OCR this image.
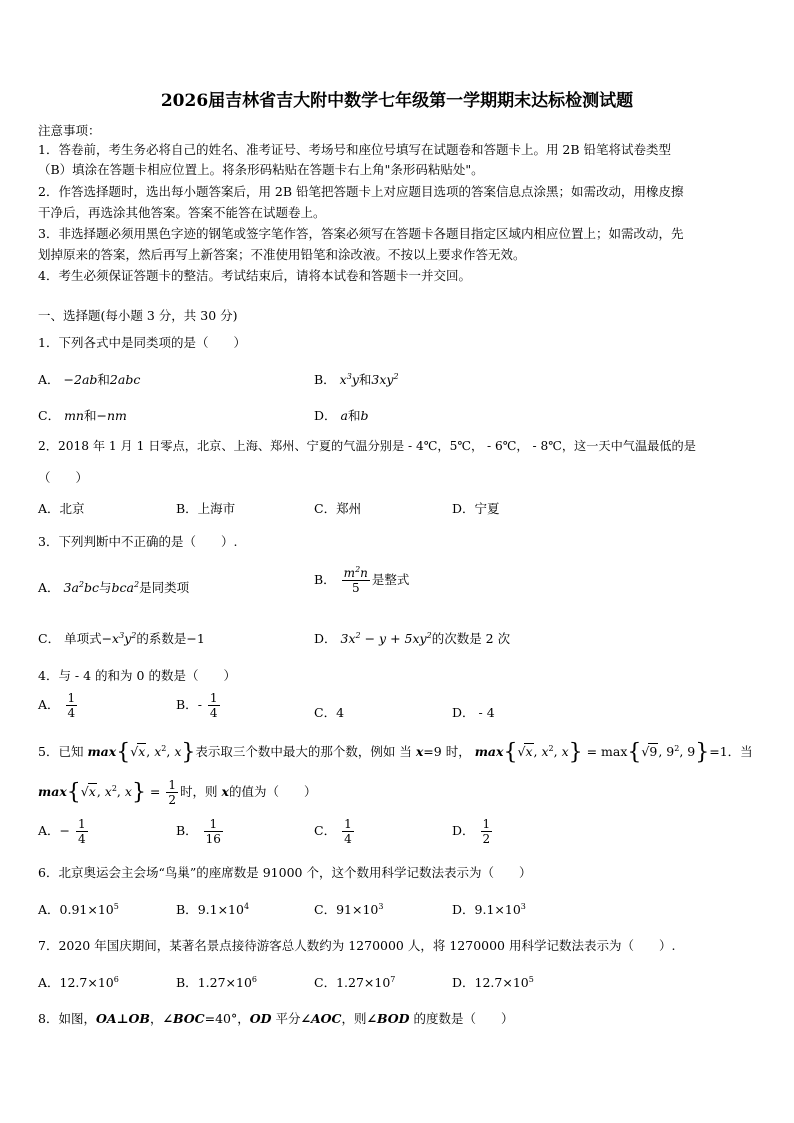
2026届吉林省吉大附中数学七年级第一学期期末达标检测试题
注意事项：
1．答卷前，考生务必将自己的姓名、准考证号、考场号和座位号填写在试题卷和答题卡上。用 2B 铅笔将试卷类型
（B）填涂在答题卡相应位置上。将条形码粘贴在答题卡右上角"条形码粘贴处"。
2．作答选择题时，选出每小题答案后，用 2B 铅笔把答题卡上对应题目选项的答案信息点涂黑；如需改动，用橡皮擦
干净后，再选涂其他答案。答案不能答在试题卷上。
3．非选择题必须用黑色字迹的钢笔或签字笔作答，答案必须写在答题卡各题目指定区域内相应位置上；如需改动，先
划掉原来的答案，然后再写上新答案；不准使用铅笔和涂改液。不按以上要求作答无效。
4．考生必须保证答题卡的整洁。考试结束后，请将本试卷和答题卡一并交回。
一、选择题(每小题 3 分，共 30 分)
1．下列各式中是同类项的是（　　）
A． −2ab和2abc	B． $x^3y$和$3xy^2$
C． mn和−nm	D． a和b
2．2018 年 1 月 1 日零点，北京、上海、郑州、宁夏的气温分别是 - 4℃，5℃， - 6℃， - 8℃，这一天中气温最低的是
（　　）
A．北京	B．上海市	C．郑州	D．宁夏
3．下列判断中不正确的是（　　）.
A． $3a^2bc$与bca$^2$是同类项
B． $\frac{m^2n}{5}$ 是整式
C． 单项式$-x^3y^2$的系数是−1	D． $3x^2 - y + 5xy^2$的次数是 2 次
4．与 - 4 的和为 0 的数是（　　）
A． $\frac{1}{4}$	B．- $\frac{1}{4}$	C．4	D． - 4
5．已知 max{√x, $x^2$, x}表示取三个数中最大的那个数，例如 当 x=9 时， max{√x, $x^2$, x} = max{√9, $9^2$, 9}=1．当
max{√x, $x^2$, $x\} = \frac{1}{2}$ 时，则 x的值为（　　）
A．− $\frac{1}{4}$	B． $\frac{1}{16}$	C． $\frac{1}{4}$	D． $\frac{1}{2}$
6．北京奥运会主会场“鸟巢”的座席数是 91000 个，这个数用科学记数法表示为（　　）
A．$0.91\times 10^5$	B．$9.1\times 10^4$	C．$91\times 10^3$	D．$9.1\times 10^3$
7．2020 年国庆期间，某著名景点接待游客总人数约为 1270000 人，将 1270000 用科学记数法表示为（　　）.
A．$12.7\times 10^6$	B．$1.27\times 10^6$	C．$1.27\times 10^7$	D．$12.7\times 10^5$
8．如图，OA⊥OB，∠BOC=40°，OD 平分∠AOC，则∠BOD 的度数是（　　）
